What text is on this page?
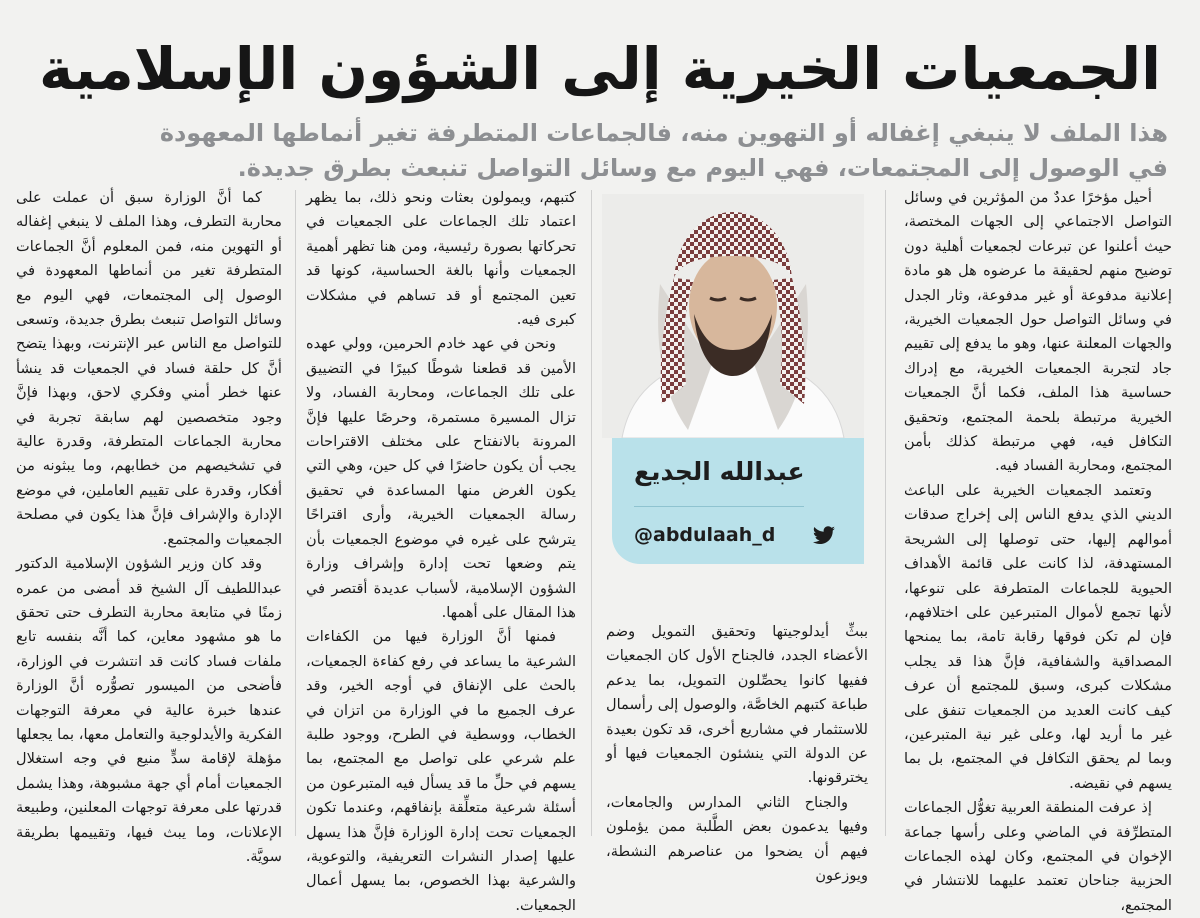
الجمعيات الخيرية إلى الشؤون الإسلامية

هذا الملف لا ينبغي إغفاله أو التهوين منه، فالجماعات المتطرفة تغير أنماطها المعهودة

في الوصول إلى المجتمعات، فهي اليوم مع وسائل التواصل تنبعث بطرق جديدة.

أحيل مؤخرًا عددٌ من المؤثرين في وسائل التواصل الاجتماعي إلى الجهات المختصة، حيث أعلنوا عن تبرعات لجمعيات أهلية دون توضيح منهم لحقيقة ما عرضوه هل هو مادة إعلانية مدفوعة أو غير مدفوعة، وثار الجدل في وسائل التواصل حول الجمعيات الخيرية، والجهات المعلنة عنها، وهو ما يدفع إلى تقييم جاد لتجربة الجمعيات الخيرية، مع إدراك حساسية هذا الملف، فكما أنَّ الجمعيات الخيرية مرتبطة بلحمة المجتمع، وتحقيق التكافل فيه، فهي مرتبطة كذلك بأمن المجتمع، ومحاربة الفساد فيه.

وتعتمد الجمعيات الخيرية على الباعث الديني الذي يدفع الناس إلى إخراج صدقات أموالهم إليها، حتى توصلها إلى الشريحة المستهدفة، لذا كانت على قائمة الأهداف الحيوية للجماعات المتطرفة على تنوعها، لأنها تجمع لأموال المتبرعين على اختلافهم، فإن لم تكن فوقها رقابة تامة، بما يمنحها المصداقية والشفافية، فإنَّ هذا قد يجلب مشكلات كبرى، وسبق للمجتمع أن عرف كيف كانت العديد من الجمعيات تنفق على غير ما أريد لها، وعلى غير نية المتبرعين، وبما لم يحقق التكافل في المجتمع، بل بما يسهم في نقيضه.

إذ عرفت المنطقة العربية تغوُّل الجماعات المتطرِّفة في الماضي وعلى رأسها جماعة الإخوان في المجتمع، وكان لهذه الجماعات الحزبية جناحان تعتمد عليهما للانتشار في المجتمع،

عبدالله الجديع
@abdulaah_d

ببثِّ أيدلوجيتها وتحقيق التمويل وضم الأعضاء الجدد، فالجناح الأول كان الجمعيات ففيها كانوا يحصِّلون التمويل، بما يدعم طباعة كتبهم الخاصَّة، والوصول إلى رأسمال للاستثمار في مشاريع أخرى، قد تكون بعيدة عن الدولة التي ينشئون الجمعيات فيها أو يخترقونها.

والجناح الثاني المدارس والجامعات، وفيها يدعمون بعض الطَّلبة ممن يؤملون فيهم أن يضحوا من عناصرهم النشطة، ويوزعون

كتبهم، ويمولون بعثات ونحو ذلك، بما يظهر اعتماد تلك الجماعات على الجمعيات في تحركاتها بصورة رئيسية، ومن هنا تظهر أهمية الجمعيات وأنها بالغة الحساسية، كونها قد تعين المجتمع أو قد تساهم في مشكلات كبرى فيه.

ونحن في عهد خادم الحرمين، وولي عهده الأمين قد قطعنا شوطًا كبيرًا في التضييق على تلك الجماعات، ومحاربة الفساد، ولا تزال المسيرة مستمرة، وحرصًا عليها فإنَّ المرونة بالانفتاح على مختلف الاقتراحات يجب أن يكون حاضرًا في كل حين، وهي التي يكون الغرض منها المساعدة في تحقيق رسالة الجمعيات الخيرية، وأرى اقتراحًا يترشح على غيره في موضوع الجمعيات بأن يتم وضعها تحت إدارة وإشراف وزارة الشؤون الإسلامية، لأسباب عديدة أقتصر في هذا المقال على أهمها.

فمنها أنَّ الوزارة فيها من الكفاءات الشرعية ما يساعد في رفع كفاءة الجمعيات، بالحث على الإنفاق في أوجه الخير، وقد عرف الجميع ما في الوزارة من اتزان في الخطاب، ووسطية في الطرح، ووجود طلبة علم شرعي على تواصل مع المجتمع، بما يسهم في حلِّ ما قد يسأل فيه المتبرعون من أسئلة شرعية متعلِّقة بإنفاقهم، وعندما تكون الجمعيات تحت إدارة الوزارة فإنَّ هذا يسهل عليها إصدار النشرات التعريفية، والتوعوية، والشرعية بهذا الخصوص، بما يسهل أعمال الجمعيات.

كما أنَّ الوزارة سبق أن عملت على محاربة التطرف، وهذا الملف لا ينبغي إغفاله أو التهوين منه، فمن المعلوم أنَّ الجماعات المتطرفة تغير من أنماطها المعهودة في الوصول إلى المجتمعات، فهي اليوم مع وسائل التواصل تنبعث بطرق جديدة، وتسعى للتواصل مع الناس عبر الإنترنت، وبهذا يتضح أنَّ كل حلقة فساد في الجمعيات قد ينشأ عنها خطر أمني وفكري لاحق، وبهذا فإنَّ وجود متخصصين لهم سابقة تجربة في محاربة الجماعات المتطرفة، وقدرة عالية في تشخيصهم من خطابهم، وما يبثونه من أفكار، وقدرة على تقييم العاملين، في موضع الإدارة والإشراف فإنَّ هذا يكون في مصلحة الجمعيات والمجتمع.

وقد كان وزير الشؤون الإسلامية الدكتور عبداللطيف آل الشيخ قد أمضى من عمره زمنًا في متابعة محاربة التطرف حتى تحقق ما هو مشهود معاين، كما أنَّه بنفسه تابع ملفات فساد كانت قد انتشرت في الوزارة، فأضحى من الميسور تصوُّره أنَّ الوزارة عندها خبرة عالية في معرفة التوجهات الفكرية والأيدلوجية والتعامل معها، بما يجعلها مؤهلة لإقامة سدٍّ منيع في وجه استغلال الجمعيات أمام أي جهة مشبوهة، وهذا يشمل قدرتها على معرفة توجهات المعلنين، وطبيعة الإعلانات، وما يبث فيها، وتقييمها بطريقة سويَّة.
